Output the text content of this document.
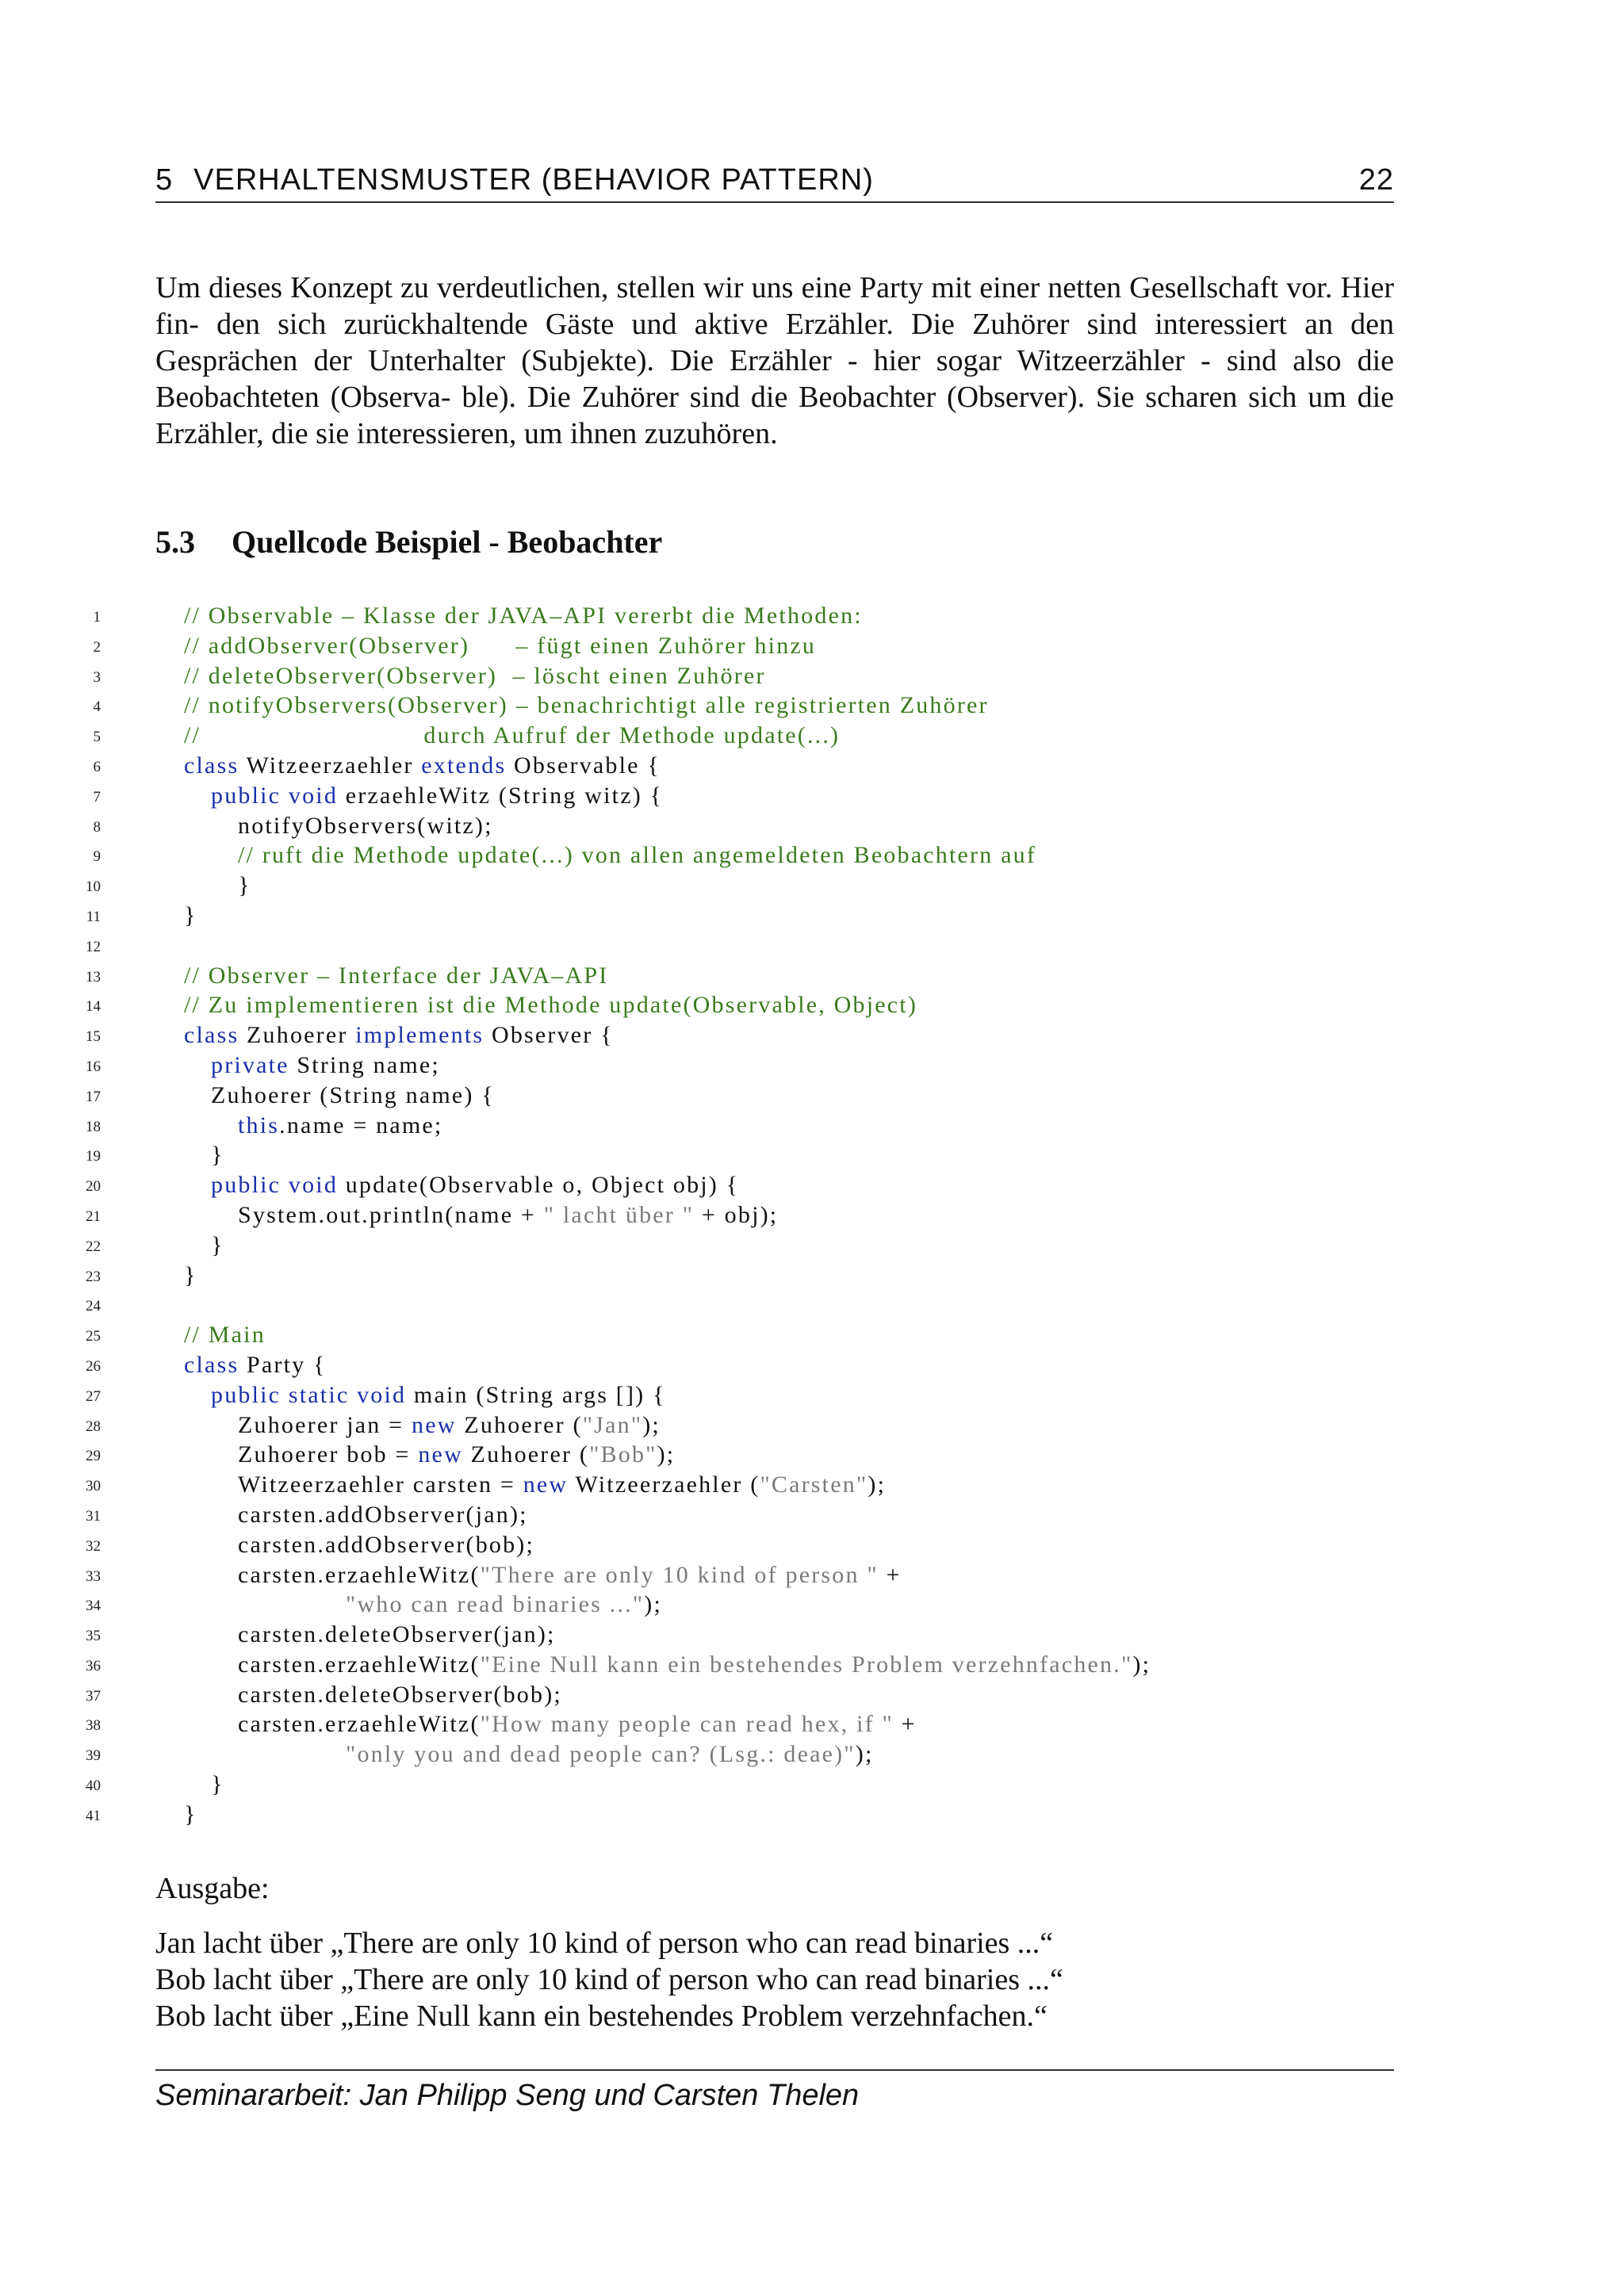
5 VERHALTENSMUSTER (BEHAVIOR PATTERN)	22
Um dieses Konzept zu verdeutlichen, stellen wir uns eine Party mit einer netten Gesellschaft vor. Hier fin- den sich zurückhaltende Gäste und aktive Erzähler. Die Zuhörer sind interessiert an den Gesprächen der Unterhalter (Subjekte). Die Erzähler - hier sogar Witzeerzähler - sind also die Beobachteten (Observa- ble). Die Zuhörer sind die Beobachter (Observer). Sie scharen sich um die Erzähler, die sie interessieren, um ihnen zuzuhören.
5.3 Quellcode Beispiel - Beobachter
1	// Observable – Klasse der JAVA–API vererbt die Methoden:
2	// addObserver(Observer)      – fügt einen Zuhörer hinzu
3	// deleteObserver(Observer)  – löscht einen Zuhörer
4	// notifyObservers(Observer) – benachrichtigt alle registrierten Zuhörer
5	//                             durch Aufruf der Methode update(...)
6	class Witzeerzaehler extends Observable {
7	public void erzaehleWitz (String witz) {
8	notifyObservers(witz);
9	// ruft die Methode update(...) von allen angemeldeten Beobachtern auf
10	}
11	}
12
13	// Observer – Interface der JAVA–API
14	// Zu implementieren ist die Methode update(Observable, Object)
15	class Zuhoerer implements Observer {
16	private String name;
17	Zuhoerer (String name) {
18	this.name = name;
19	}
20	public void update(Observable o, Object obj) {
21	System.out.println(name + " lacht über " + obj);
22	}
23	}
24
25	// Main
26	class Party {
27	public static void main (String args []) {
28	Zuhoerer jan = new Zuhoerer ("Jan");
29	Zuhoerer bob = new Zuhoerer ("Bob");
30	Witzeerzaehler carsten = new Witzeerzaehler ("Carsten");
31	carsten.addObserver(jan);
32	carsten.addObserver(bob);
33	carsten.erzaehleWitz("There are only 10 kind of person " +
34	"who can read binaries ...");
35	carsten.deleteObserver(jan);
36	carsten.erzaehleWitz("Eine Null kann ein bestehendes Problem verzehnfachen.");
37	carsten.deleteObserver(bob);
38	carsten.erzaehleWitz("How many people can read hex, if " +
39	"only you and dead people can? (Lsg.: deae)");
40	}
41	}
Ausgabe:
Jan lacht über „There are only 10 kind of person who can read binaries ...“
Bob lacht über „There are only 10 kind of person who can read binaries ...“
Bob lacht über „Eine Null kann ein bestehendes Problem verzehnfachen.“
Seminararbeit: Jan Philipp Seng und Carsten Thelen
